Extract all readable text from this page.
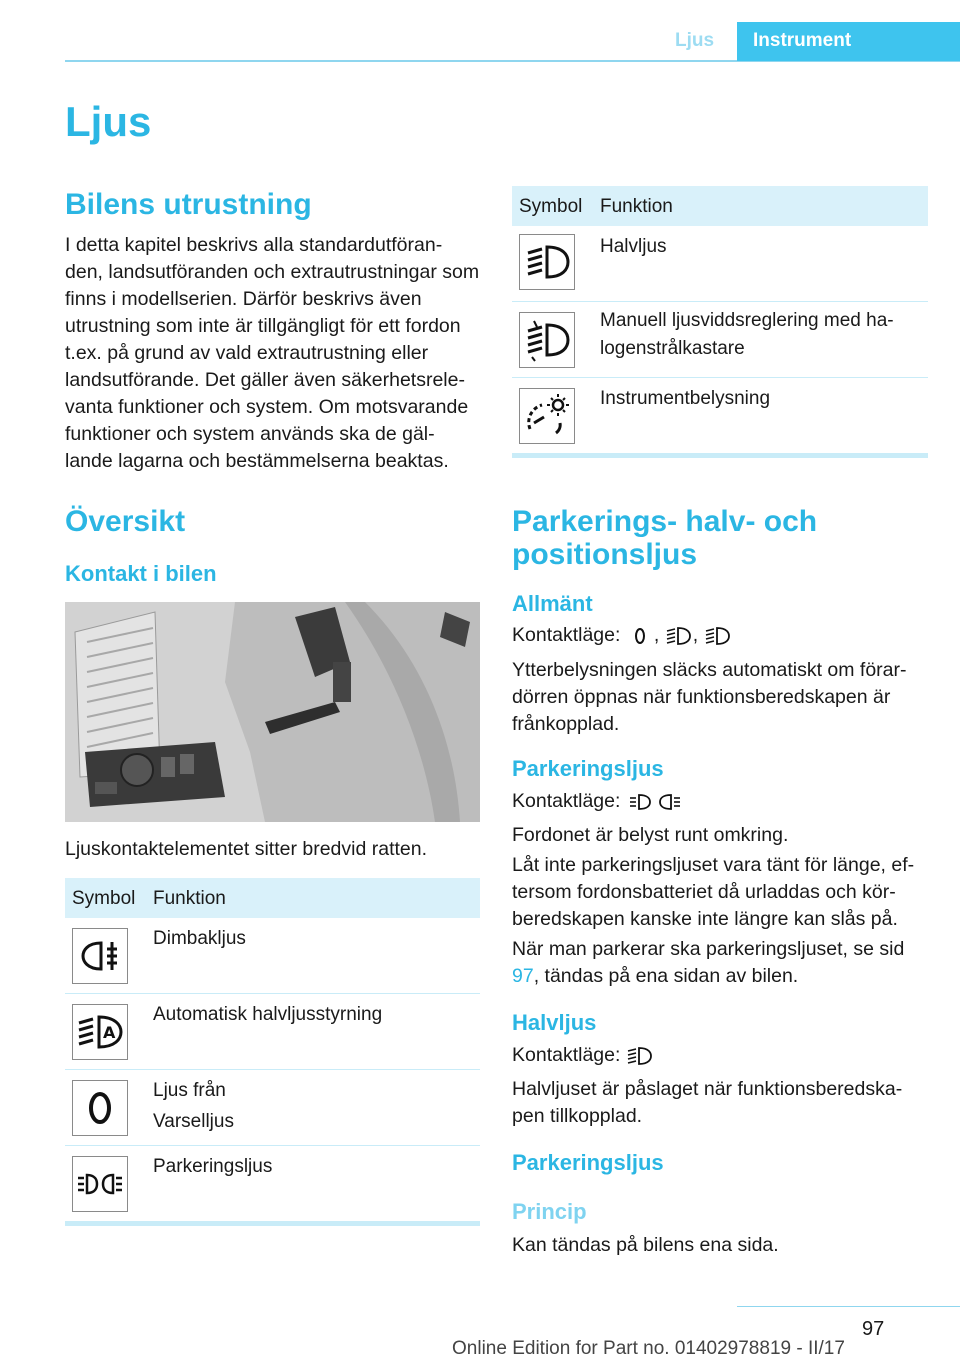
Ljus Instrument
Ljus
Bilens utrustning

I detta kapitel beskrivs alla standardutföran‐den, landsutföranden och extrautrustningar som finns i modellserien. Därför beskrivs även utrustning som inte är tillgängligt för ett fordon t.ex. på grund av vald extrautrustning eller landsutförande. Det gäller även säkerhetsrele‐vanta funktioner och system. Om motsvarande funktioner och system används ska de gäl‐lande lagarna och bestämmelserna beaktas.

Översikt
Kontakt i bilen

Ljuskontaktelementet sitter bredvid ratten.

Symbol Funktion
Dimbakljus
A
Automatisk halvljusstyrning
Ljus från
Varselljus
Parkeringsljus
Symbol Funktion
Halvljus
Manuell ljusviddsreglering med ha‐logenstrålkastare
Instrumentbelysning
Parkerings- halv- och positionsljus
Allmänt
Kontaktläge: , ,

Ytterbelysningen släcks automatiskt om förar‐dörren öppnas när funktionsberedskapen är frånkopplad.

Parkeringsljus
Kontaktläge:

Fordonet är belyst runt omkring.

Låt inte parkeringsljuset vara tänt för länge, ef‐tersom fordonsbatteriet då urladdas och kör‐beredskapen kanske inte längre kan slås på.

När man parkerar ska parkeringsljuset, se sid 97, tändas på ena sidan av bilen.

Halvljus
Kontaktläge:

Halvljuset är påslaget när funktionsberedska‐pen tillkopplad.

Parkeringsljus
Princip

Kan tändas på bilens ena sida.

97
Online Edition for Part no. 01402978819 - II/17
